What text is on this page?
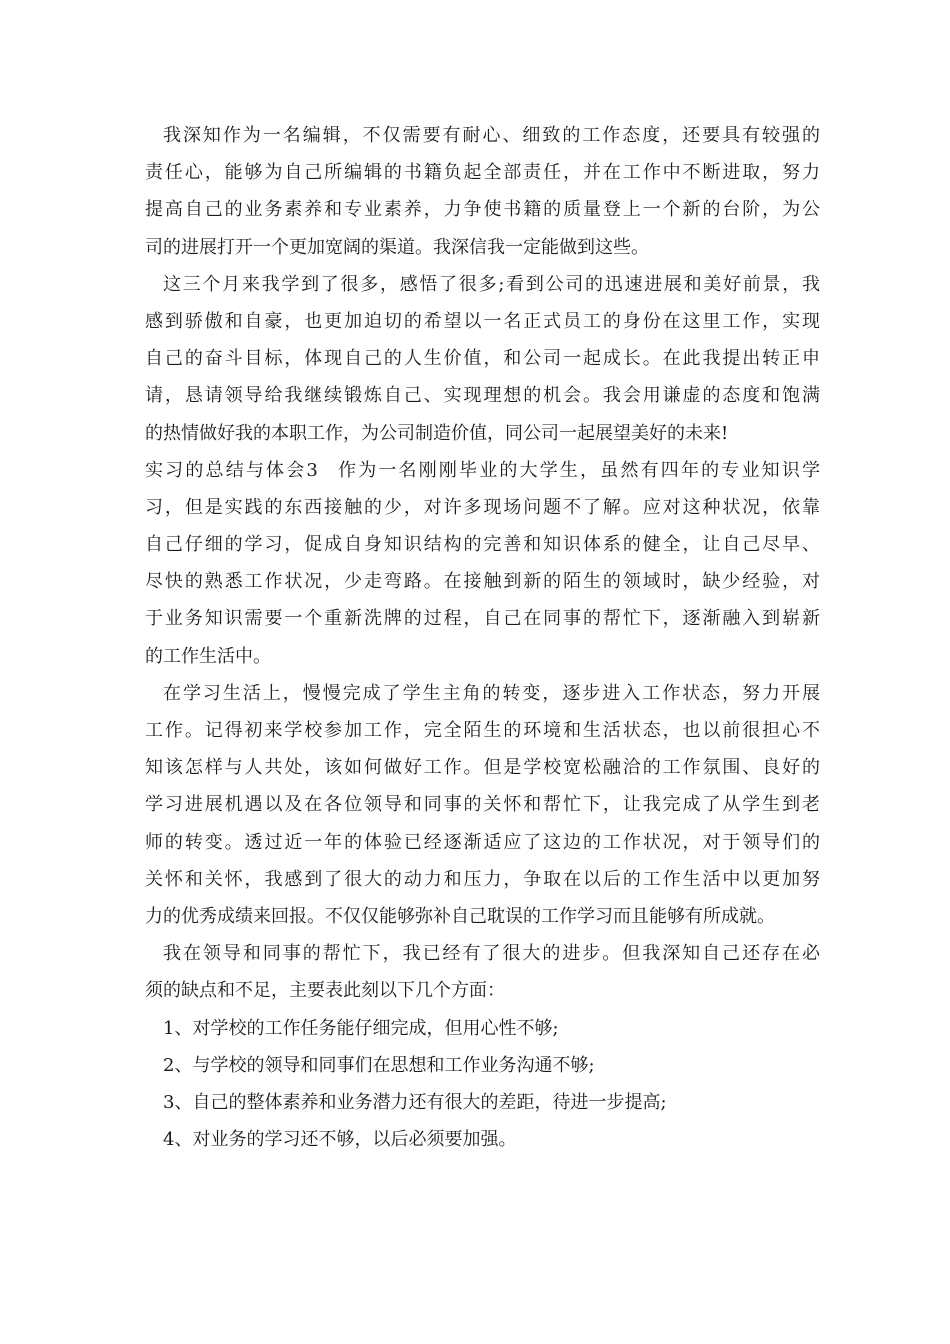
我深知作为一名编辑，不仅需要有耐心、细致的工作态度，还要具有较强的
责任心，能够为自己所编辑的书籍负起全部责任，并在工作中不断进取，努力
提高自己的业务素养和专业素养，力争使书籍的质量登上一个新的台阶，为公
司的进展打开一个更加宽阔的渠道。我深信我一定能做到这些。
这三个月来我学到了很多，感悟了很多;看到公司的迅速进展和美好前景，我
感到骄傲和自豪，也更加迫切的希望以一名正式员工的身份在这里工作，实现
自己的奋斗目标，体现自己的人生价值，和公司一起成长。在此我提出转正申
请，恳请领导给我继续锻炼自己、实现理想的机会。我会用谦虚的态度和饱满
的热情做好我的本职工作，为公司制造价值，同公司一起展望美好的未来!
实习的总结与体会3 作为一名刚刚毕业的大学生，虽然有四年的专业知识学
习，但是实践的东西接触的少，对许多现场问题不了解。应对这种状况，依靠
自己仔细的学习，促成自身知识结构的完善和知识体系的健全，让自己尽早、
尽快的熟悉工作状况，少走弯路。在接触到新的陌生的领域时，缺少经验，对
于业务知识需要一个重新洗牌的过程，自己在同事的帮忙下，逐渐融入到崭新
的工作生活中。
在学习生活上，慢慢完成了学生主角的转变，逐步进入工作状态，努力开展
工作。记得初来学校参加工作，完全陌生的环境和生活状态，也以前很担心不
知该怎样与人共处，该如何做好工作。但是学校宽松融洽的工作氛围、良好的
学习进展机遇以及在各位领导和同事的关怀和帮忙下，让我完成了从学生到老
师的转变。透过近一年的体验已经逐渐适应了这边的工作状况，对于领导们的
关怀和关怀，我感到了很大的动力和压力，争取在以后的工作生活中以更加努
力的优秀成绩来回报。不仅仅能够弥补自己耽误的工作学习而且能够有所成就。
我在领导和同事的帮忙下，我已经有了很大的进步。但我深知自己还存在必
须的缺点和不足，主要表此刻以下几个方面：
1、对学校的工作任务能仔细完成，但用心性不够;
2、与学校的领导和同事们在思想和工作业务沟通不够;
3、自己的整体素养和业务潜力还有很大的差距，待进一步提高;
4、对业务的学习还不够，以后必须要加强。
